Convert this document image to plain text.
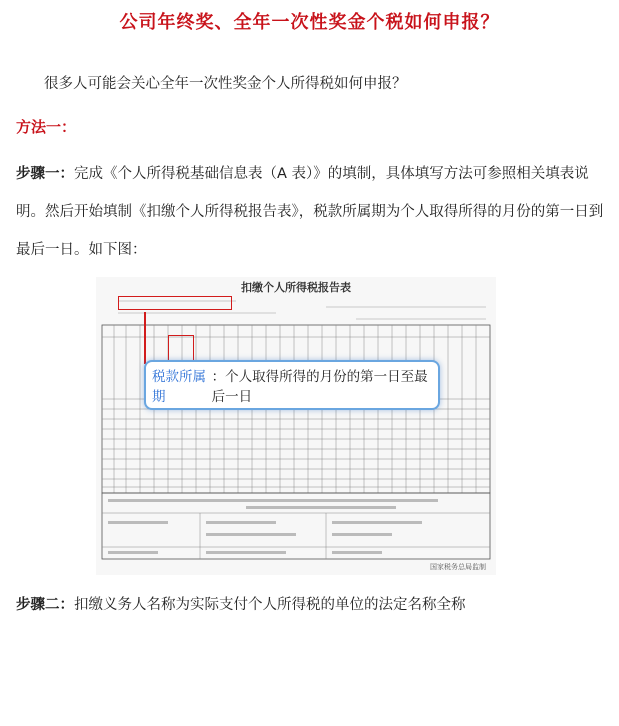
公司年终奖、全年一次性奖金个税如何申报？
很多人可能会关心全年一次性奖金个人所得税如何申报？
方法一：
步骤一：完成《个人所得税基础信息表（A 表）》的填制，具体填写方法可参照相关填表说明。然后开始填制《扣缴个人所得税报告表》，税款所属期为个人取得所得的月份的第一日到最后一日。如下图：
扣缴个人所得税报告表
国家税务总局监制
税款所属期
：个人取得所得的月份的第一日至最后一日
步骤二：扣缴义务人名称为实际支付个人所得税的单位的法定名称全称
